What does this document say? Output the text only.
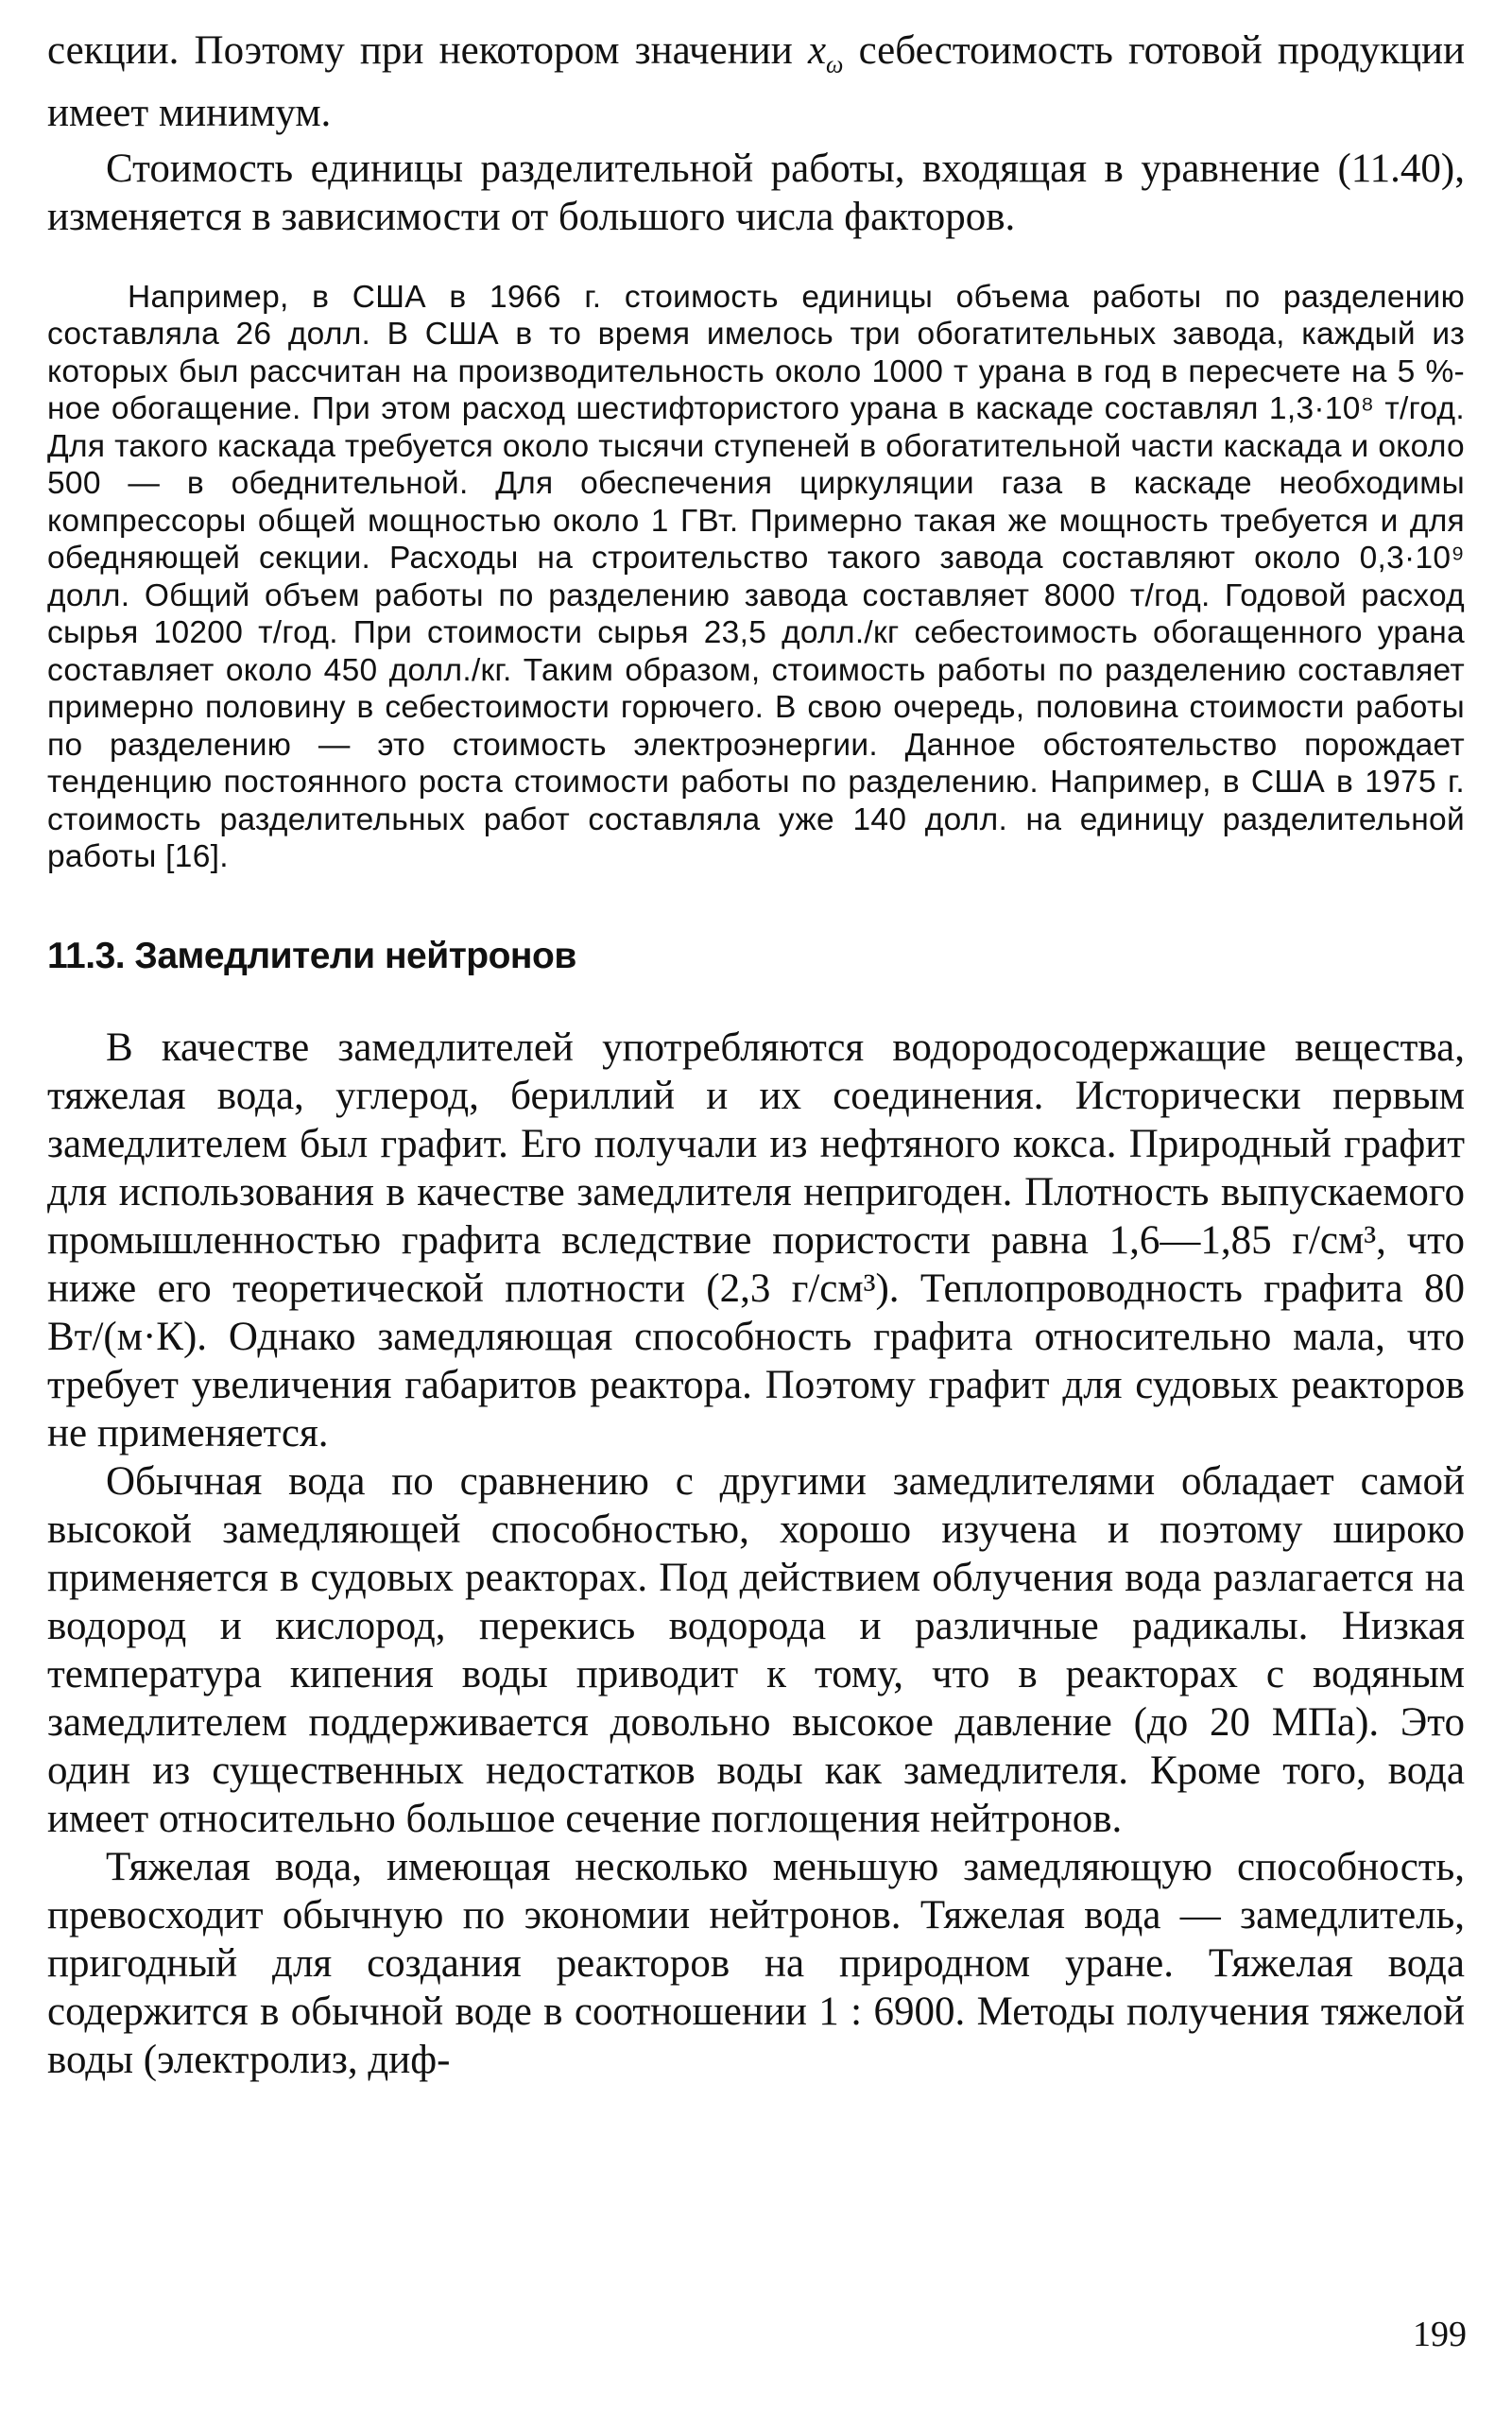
секции. Поэтому при некотором значении $x_\omega$ себестоимость готовой продукции имеет минимум.

Стоимость единицы разделительной работы, входящая в уравнение (11.40), изменяется в зависимости от большого числа факторов.

Например, в США в 1966 г. стоимость единицы объема работы по разделению составляла 26 долл. В США в то время имелось три обогатительных завода, каждый из которых был рассчитан на производительность около 1000 т урана в год в пересчете на 5 %-ное обогащение. При этом расход шестифтористого урана в каскаде составлял 1,3·10⁸ т/год. Для такого каскада требуется около тысячи ступеней в обогатительной части каскада и около 500 — в обеднительной. Для обеспечения циркуляции газа в каскаде необходимы компрессоры общей мощностью около 1 ГВт. Примерно такая же мощность требуется и для обедняющей секции. Расходы на строительство такого завода составляют около 0,3·10⁹ долл. Общий объем работы по разделению завода составляет 8000 т/год. Годовой расход сырья 10200 т/год. При стоимости сырья 23,5 долл./кг себестоимость обогащенного урана составляет около 450 долл./кг. Таким образом, стоимость работы по разделению составляет примерно половину в себестоимости горючего. В свою очередь, половина стоимости работы по разделению — это стоимость электроэнергии. Данное обстоятельство порождает тенденцию постоянного роста стоимости работы по разделению. Например, в США в 1975 г. стоимость разделительных работ составляла уже 140 долл. на единицу разделительной работы [16].

11.3. Замедлители нейтронов

В качестве замедлителей употребляются водородосодержащие вещества, тяжелая вода, углерод, бериллий и их соединения. Исторически первым замедлителем был графит. Его получали из нефтяного кокса. Природный графит для использования в качестве замедлителя непригоден. Плотность выпускаемого промышленностью графита вследствие пористости равна 1,6—1,85 г/см³, что ниже его теоретической плотности (2,3 г/см³). Теплопроводность графита 80 Вт/(м·К). Однако замедляющая способность графита относительно мала, что требует увеличения габаритов реактора. Поэтому графит для судовых реакторов не применяется.

Обычная вода по сравнению с другими замедлителями обладает самой высокой замедляющей способностью, хорошо изучена и поэтому широко применяется в судовых реакторах. Под действием облучения вода разлагается на водород и кислород, перекись водорода и различные радикалы. Низкая температура кипения воды приводит к тому, что в реакторах с водяным замедлителем поддерживается довольно высокое давление (до 20 МПа). Это один из существенных недостатков воды как замедлителя. Кроме того, вода имеет относительно большое сечение поглощения нейтронов.

Тяжелая вода, имеющая несколько меньшую замедляющую способность, превосходит обычную по экономии нейтронов. Тяжелая вода — замедлитель, пригодный для создания реакторов на природном уране. Тяжелая вода содержится в обычной воде в соотношении 1 : 6900. Методы получения тяжелой воды (электролиз, диф-

199
